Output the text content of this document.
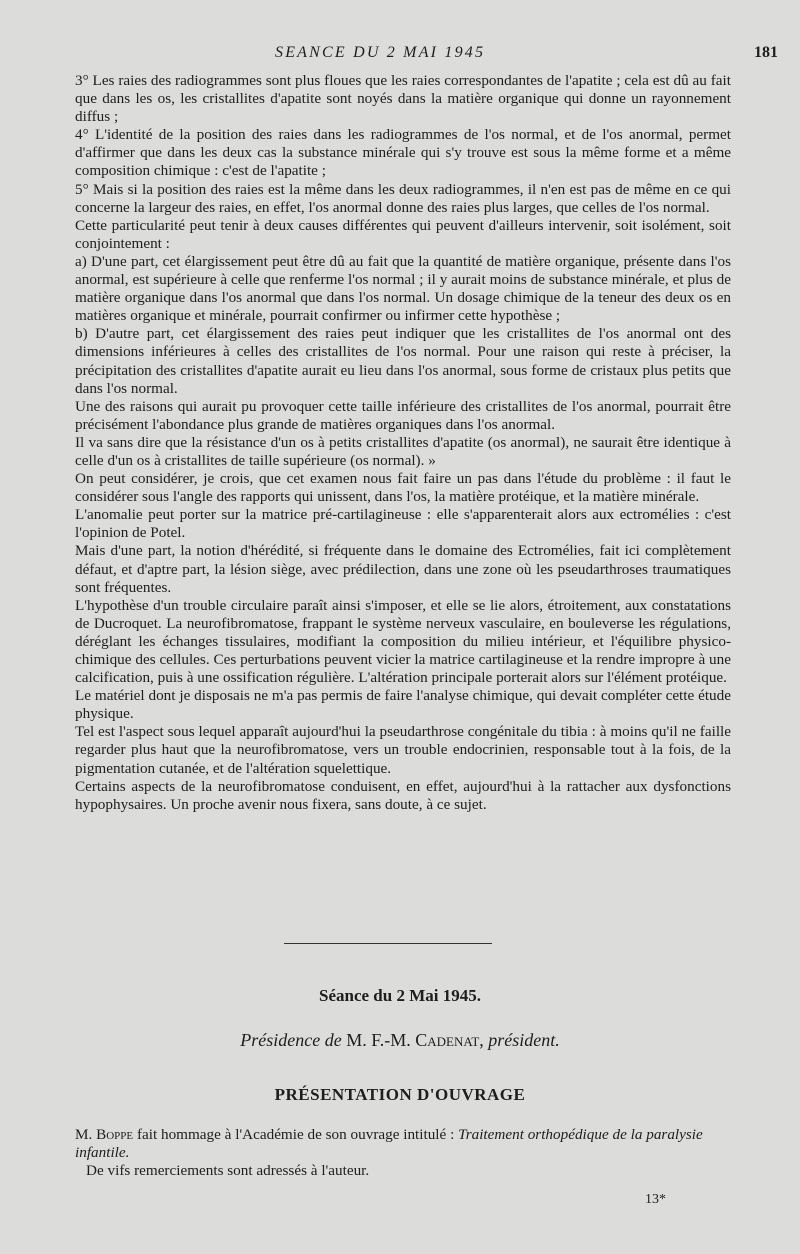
SEANCE DU 2 MAI 1945	181

3° Les raies des radiogrammes sont plus floues que les raies correspondantes de l'apatite ; cela est dû au fait que dans les os, les cristallites d'apatite sont noyés dans la matière organique qui donne un rayonnement diffus ;

4° L'identité de la position des raies dans les radiogrammes de l'os normal, et de l'os anormal, permet d'affirmer que dans les deux cas la substance minérale qui s'y trouve est sous la même forme et a même composition chimique : c'est de l'apatite ;

5° Mais si la position des raies est la même dans les deux radiogrammes, il n'en est pas de même en ce qui concerne la largeur des raies, en effet, l'os anormal donne des raies plus larges, que celles de l'os normal.

Cette particularité peut tenir à deux causes différentes qui peuvent d'ailleurs intervenir, soit isolément, soit conjointement :

a) D'une part, cet élargissement peut être dû au fait que la quantité de matière organique, présente dans l'os anormal, est supérieure à celle que renferme l'os normal ; il y aurait moins de substance minérale, et plus de matière organique dans l'os anormal que dans l'os normal. Un dosage chimique de la teneur des deux os en matières organique et minérale, pourrait confirmer ou infirmer cette hypothèse ;

b) D'autre part, cet élargissement des raies peut indiquer que les cristallites de l'os anormal ont des dimensions inférieures à celles des cristallites de l'os normal. Pour une raison qui reste à préciser, la précipitation des cristallites d'apatite aurait eu lieu dans l'os anormal, sous forme de cristaux plus petits que dans l'os normal.

Une des raisons qui aurait pu provoquer cette taille inférieure des cristallites de l'os anormal, pourrait être précisément l'abondance plus grande de matières organiques dans l'os anormal.

Il va sans dire que la résistance d'un os à petits cristallites d'apatite (os anormal), ne saurait être identique à celle d'un os à cristallites de taille supérieure (os normal). »

On peut considérer, je crois, que cet examen nous fait faire un pas dans l'étude du problème : il faut le considérer sous l'angle des rapports qui unissent, dans l'os, la matière protéique, et la matière minérale.

L'anomalie peut porter sur la matrice pré-cartilagineuse : elle s'apparenterait alors aux ectromélies : c'est l'opinion de Potel.

Mais d'une part, la notion d'hérédité, si fréquente dans le domaine des Ectromélies, fait ici complètement défaut, et d'aptre part, la lésion siège, avec prédilection, dans une zone où les pseudarthroses traumatiques sont fréquentes.

L'hypothèse d'un trouble circulaire paraît ainsi s'imposer, et elle se lie alors, étroitement, aux constatations de Ducroquet. La neurofibromatose, frappant le système nerveux vasculaire, en bouleverse les régulations, déréglant les échanges tissulaires, modifiant la composition du milieu intérieur, et l'équilibre physico-chimique des cellules. Ces perturbations peuvent vicier la matrice cartilagineuse et la rendre impropre à une calcification, puis à une ossification régulière. L'altération principale porterait alors sur l'élément protéique.

Le matériel dont je disposais ne m'a pas permis de faire l'analyse chimique, qui devait compléter cette étude physique.

Tel est l'aspect sous lequel apparaît aujourd'hui la pseudarthrose congénitale du tibia : à moins qu'il ne faille regarder plus haut que la neurofibromatose, vers un trouble endocrinien, responsable tout à la fois, de la pigmentation cutanée, et de l'altération squelettique.

Certains aspects de la neurofibromatose conduisent, en effet, aujourd'hui à la rattacher aux dysfonctions hypophysaires. Un proche avenir nous fixera, sans doute, à ce sujet.

Séance du 2 Mai 1945.
Présidence de M. F.-M. Cadenat, président.
PRÉSENTATION D'OUVRAGE
M. Boppe fait hommage à l'Académie de son ouvrage intitulé : Traitement orthopédique de la paralysie infantile.
De vifs remerciements sont adressés à l'auteur.
13*
